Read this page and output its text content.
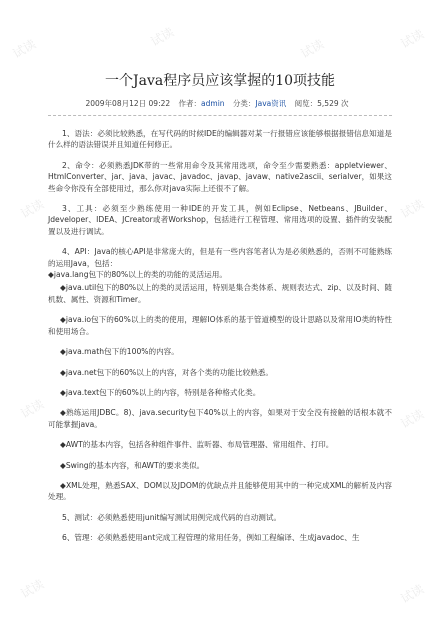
试读	试读	试读	试读
试读	试读
试读	试读
试读	试读
一个Java程序员应该掌握的10项技能
2009年08月12日 09:22 作者：admin 分类：Java资讯 阅览：5,529 次

1、语法：必须比较熟悉，在写代码的时候IDE的编辑器对某一行报错应该能够根据报错信息知道是什么样的语法错误并且知道任何修正。

2、命令：必须熟悉JDK带的一些常用命令及其常用选项，命令至少需要熟悉：appletviewer、HtmlConverter、jar、java、javac、javadoc、javap、javaw、native2ascii、serialver，如果这些命令你没有全部使用过，那么你对java实际上还很不了解。

3、工具：必须至少熟练使用一种IDE的开发工具，例如Eclipse、Netbeans、JBuilder、Jdeveloper、IDEA、JCreator或者Workshop，包括进行工程管理、常用选项的设置、插件的安装配置以及进行调试。

4、API：Java的核心API是非常庞大的，但是有一些内容笔者认为是必须熟悉的，否则不可能熟练的运用Java，包括：

◆java.lang包下的80%以上的类的功能的灵活运用。

◆java.util包下的80%以上的类的灵活运用，特别是集合类体系、规则表达式、zip、以及时间、随机数、属性、资源和Timer。

◆java.io包下的60%以上的类的使用，理解IO体系的基于管道模型的设计思路以及常用IO类的特性和使用场合。

◆java.math包下的100%的内容。

◆java.net包下的60%以上的内容，对各个类的功能比较熟悉。

◆java.text包下的60%以上的内容，特别是各种格式化类。

◆熟练运用JDBC。8)、java.security包下40%以上的内容，如果对于安全没有接触的话根本就不可能掌握java。

◆AWT的基本内容，包括各种组件事件、监听器、布局管理器、常用组件、打印。

◆Swing的基本内容，和AWT的要求类似。

◆XML处理，熟悉SAX、DOM以及JDOM的优缺点并且能够使用其中的一种完成XML的解析及内容处理。

5、测试：必须熟悉使用junit编写测试用例完成代码的自动测试。

6、管理：必须熟悉使用ant完成工程管理的常用任务，例如工程编译、生成javadoc、生
